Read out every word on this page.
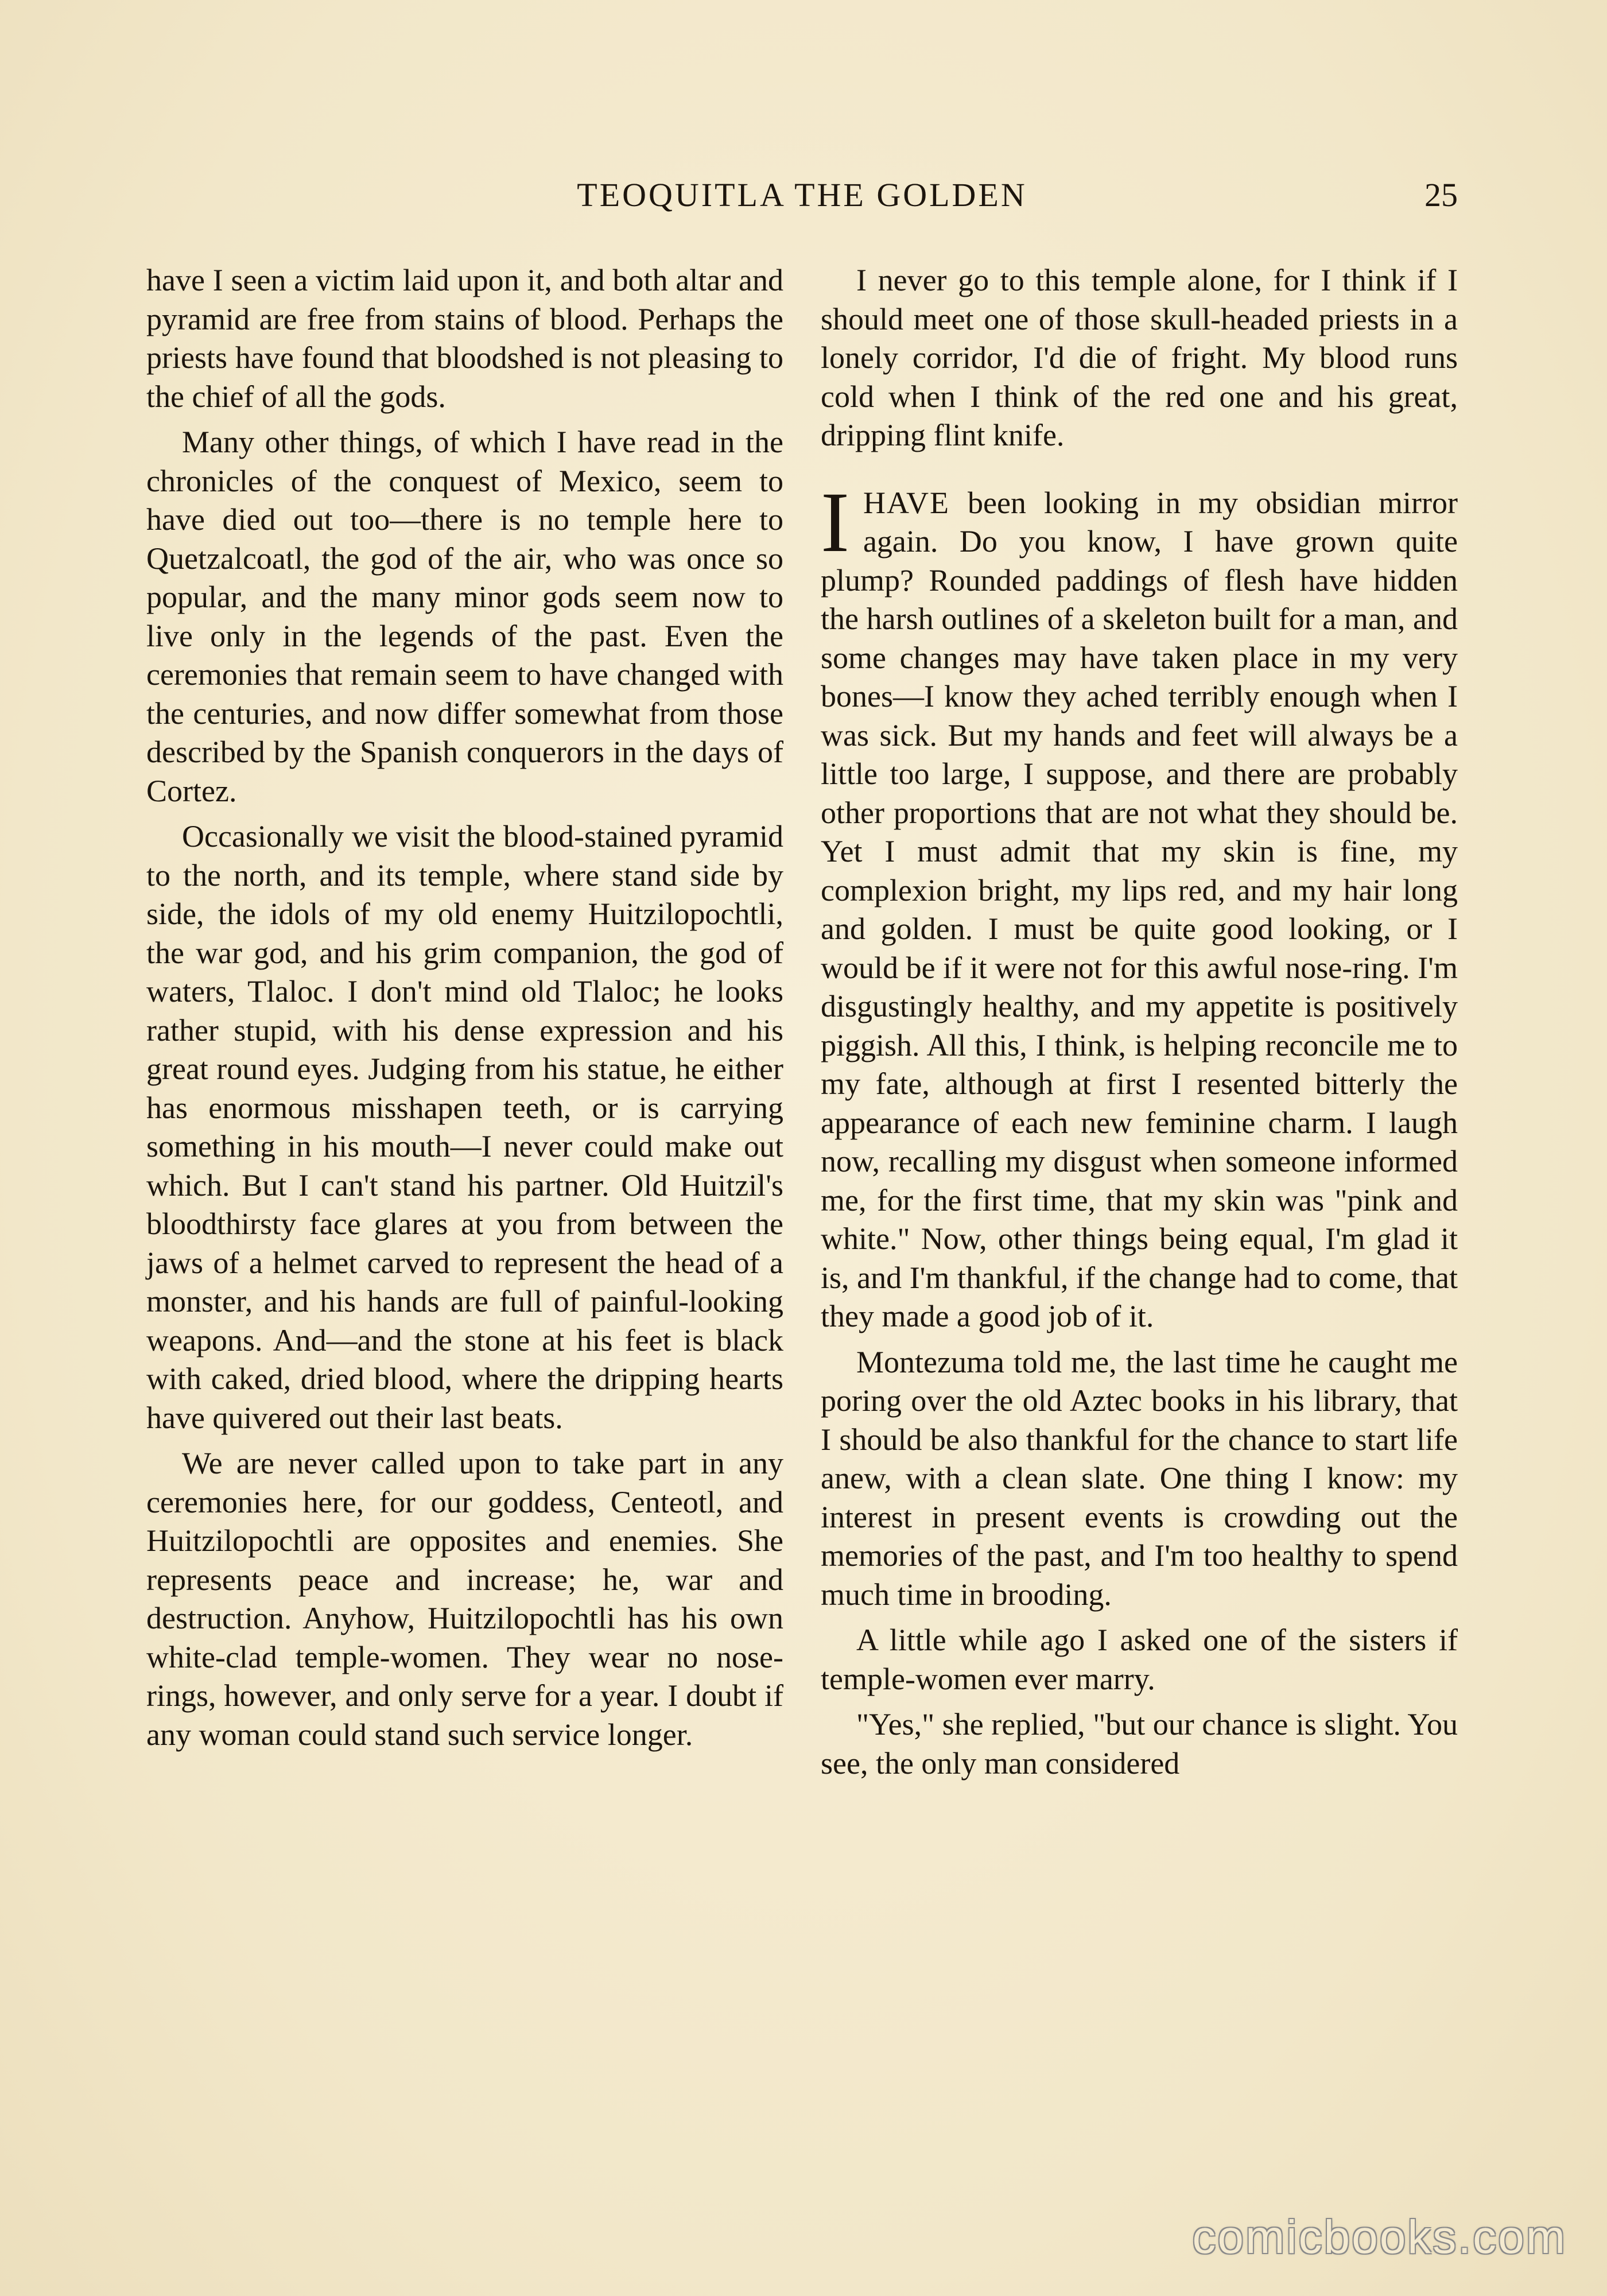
TEOQUITLA THE GOLDEN	25

have I seen a victim laid upon it, and both altar and pyramid are free from stains of blood. Perhaps the priests have found that bloodshed is not pleasing to the chief of all the gods.

Many other things, of which I have read in the chronicles of the conquest of Mexico, seem to have died out too—there is no temple here to Quetzalcoatl, the god of the air, who was once so popular, and the many minor gods seem now to live only in the legends of the past. Even the ceremonies that remain seem to have changed with the centuries, and now differ somewhat from those described by the Spanish conquerors in the days of Cortez.

Occasionally we visit the blood-stained pyramid to the north, and its temple, where stand side by side, the idols of my old enemy Huitzilopochtli, the war god, and his grim companion, the god of waters, Tlaloc. I don't mind old Tlaloc; he looks rather stupid, with his dense expression and his great round eyes. Judging from his statue, he either has enormous misshapen teeth, or is carrying something in his mouth—I never could make out which. But I can't stand his partner. Old Huitzil's bloodthirsty face glares at you from between the jaws of a helmet carved to represent the head of a monster, and his hands are full of painful-looking weapons. And—and the stone at his feet is black with caked, dried blood, where the dripping hearts have quivered out their last beats.

We are never called upon to take part in any ceremonies here, for our goddess, Centeotl, and Huitzilopochtli are opposites and enemies. She represents peace and increase; he, war and destruction. Anyhow, Huitzilopochtli has his own white-clad temple-women. They wear no nose-rings, however, and only serve for a year. I doubt if any woman could stand such service longer.

I never go to this temple alone, for I think if I should meet one of those skull-headed priests in a lonely corridor, I'd die of fright. My blood runs cold when I think of the red one and his great, dripping flint knife.

IHAVE been looking in my obsidian mirror again. Do you know, I have grown quite plump? Rounded paddings of flesh have hidden the harsh outlines of a skeleton built for a man, and some changes may have taken place in my very bones—I know they ached terribly enough when I was sick. But my hands and feet will always be a little too large, I suppose, and there are probably other proportions that are not what they should be. Yet I must admit that my skin is fine, my complexion bright, my lips red, and my hair long and golden. I must be quite good looking, or I would be if it were not for this awful nose-ring. I'm disgustingly healthy, and my appetite is positively piggish. All this, I think, is helping reconcile me to my fate, although at first I resented bitterly the appearance of each new feminine charm. I laugh now, recalling my disgust when someone informed me, for the first time, that my skin was "pink and white." Now, other things being equal, I'm glad it is, and I'm thankful, if the change had to come, that they made a good job of it.

Montezuma told me, the last time he caught me poring over the old Aztec books in his library, that I should be also thankful for the chance to start life anew, with a clean slate. One thing I know: my interest in present events is crowding out the memories of the past, and I'm too healthy to spend much time in brooding.

A little while ago I asked one of the sisters if temple-women ever marry.

"Yes," she replied, "but our chance is slight. You see, the only man considered

comicbooks.com
